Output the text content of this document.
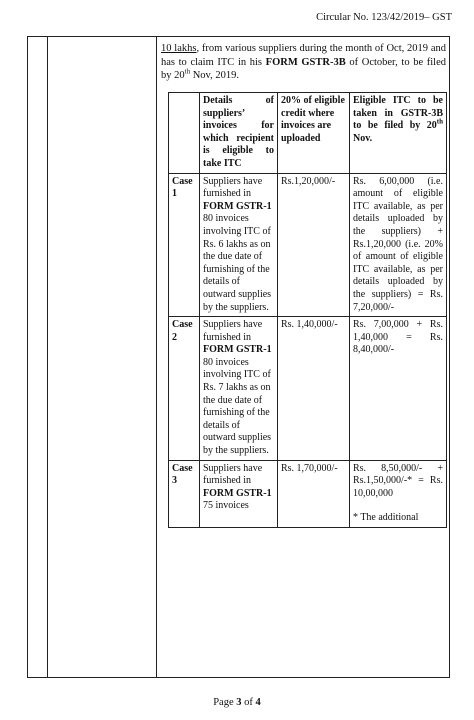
Circular No. 123/42/2019– GST
10 lakhs, from various suppliers during the month of Oct, 2019 and has to claim ITC in his FORM GSTR-3B of October, to be filed by 20th Nov, 2019.
	Details of suppliers’ invoices for which recipient is eligible to take ITC	20% of eligible credit where invoices are uploaded	Eligible ITC to be taken in GSTR-3B to be filed by 20th Nov.
Case 1	Suppliers have furnished in FORM GSTR-1 80 invoices involving ITC of Rs. 6 lakhs as on the due date of furnishing of the details of outward supplies by the suppliers.	Rs.1,20,000/-	Rs. 6,00,000 (i.e. amount of eligible ITC available, as per details uploaded by the suppliers) + Rs.1,20,000 (i.e. 20% of amount of eligible ITC available, as per details uploaded by the suppliers) = Rs. 7,20,000/-
Case 2	Suppliers have furnished in FORM GSTR-1 80 invoices involving ITC of Rs. 7 lakhs as on the due date of furnishing of the details of outward supplies by the suppliers.	Rs. 1,40,000/-	Rs. 7,00,000 + Rs. 1,40,000 = Rs. 8,40,000/-
Case 3	Suppliers have furnished in FORM GSTR-1 75 invoices	Rs. 1,70,000/-	Rs. 8,50,000/- + Rs.1,50,000/-* = Rs. 10,00,000
* The additional
Page 3 of 4
